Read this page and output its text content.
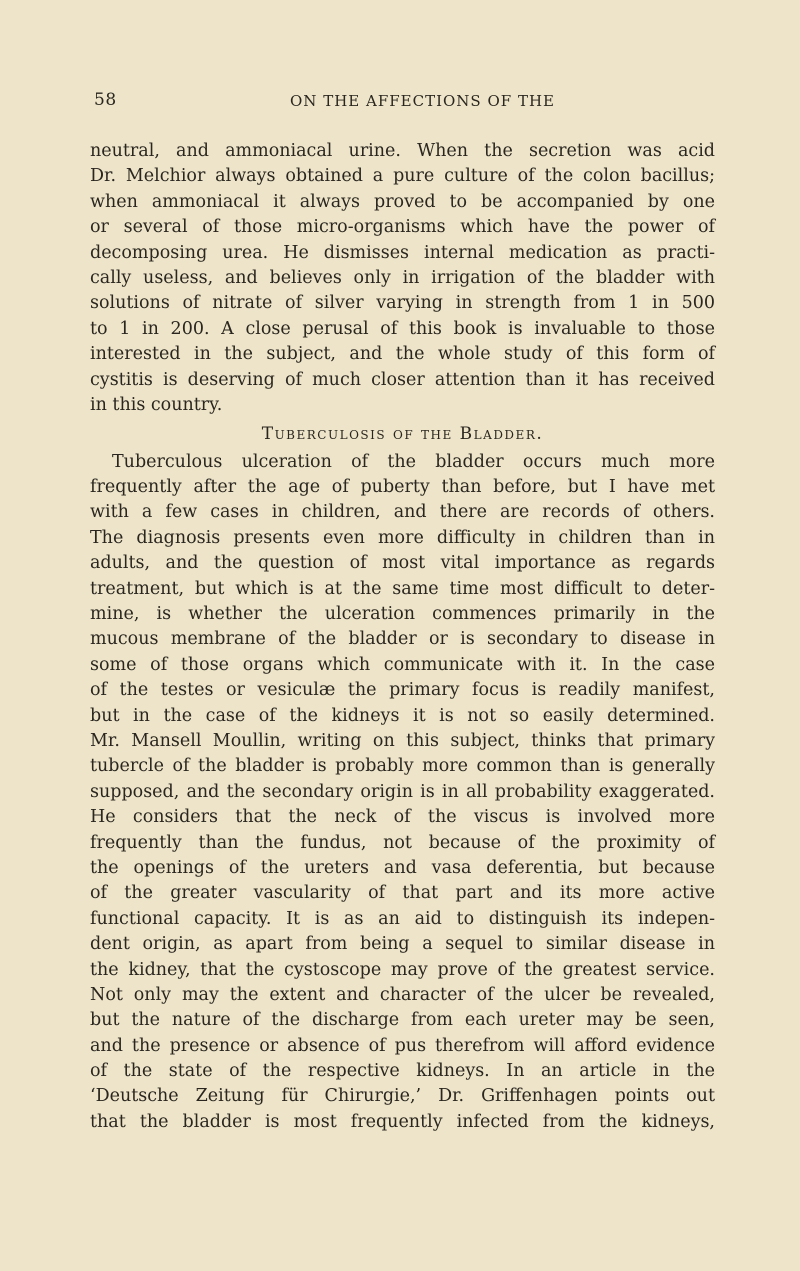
58	ON THE AFFECTIONS OF THE
neutral, and ammoniacal urine. When the secretion was acid
Dr. Melchior always obtained a pure culture of the colon bacillus;
when ammoniacal it always proved to be accompanied by one
or several of those micro-organisms which have the power of
decomposing urea. He dismisses internal medication as practi-
cally useless, and believes only in irrigation of the bladder with
solutions of nitrate of silver varying in strength from 1 in 500
to 1 in 200. A close perusal of this book is invaluable to those
interested in the subject, and the whole study of this form of
cystitis is deserving of much closer attention than it has received
in this country.
Tuberculosis of the Bladder.
Tuberculous ulceration of the bladder occurs much more
frequently after the age of puberty than before, but I have met
with a few cases in children, and there are records of others.
The diagnosis presents even more difficulty in children than in
adults, and the question of most vital importance as regards
treatment, but which is at the same time most difficult to deter-
mine, is whether the ulceration commences primarily in the
mucous membrane of the bladder or is secondary to disease in
some of those organs which communicate with it. In the case
of the testes or vesiculæ the primary focus is readily manifest,
but in the case of the kidneys it is not so easily determined.
Mr. Mansell Moullin, writing on this subject, thinks that primary
tubercle of the bladder is probably more common than is generally
supposed, and the secondary origin is in all probability exaggerated.
He considers that the neck of the viscus is involved more
frequently than the fundus, not because of the proximity of
the openings of the ureters and vasa deferentia, but because
of the greater vascularity of that part and its more active
functional capacity. It is as an aid to distinguish its indepen-
dent origin, as apart from being a sequel to similar disease in
the kidney, that the cystoscope may prove of the greatest service.
Not only may the extent and character of the ulcer be revealed,
but the nature of the discharge from each ureter may be seen,
and the presence or absence of pus therefrom will afford evidence
of the state of the respective kidneys. In an article in the
‘Deutsche Zeitung für Chirurgie,’ Dr. Griffenhagen points out
that the bladder is most frequently infected from the kidneys,
